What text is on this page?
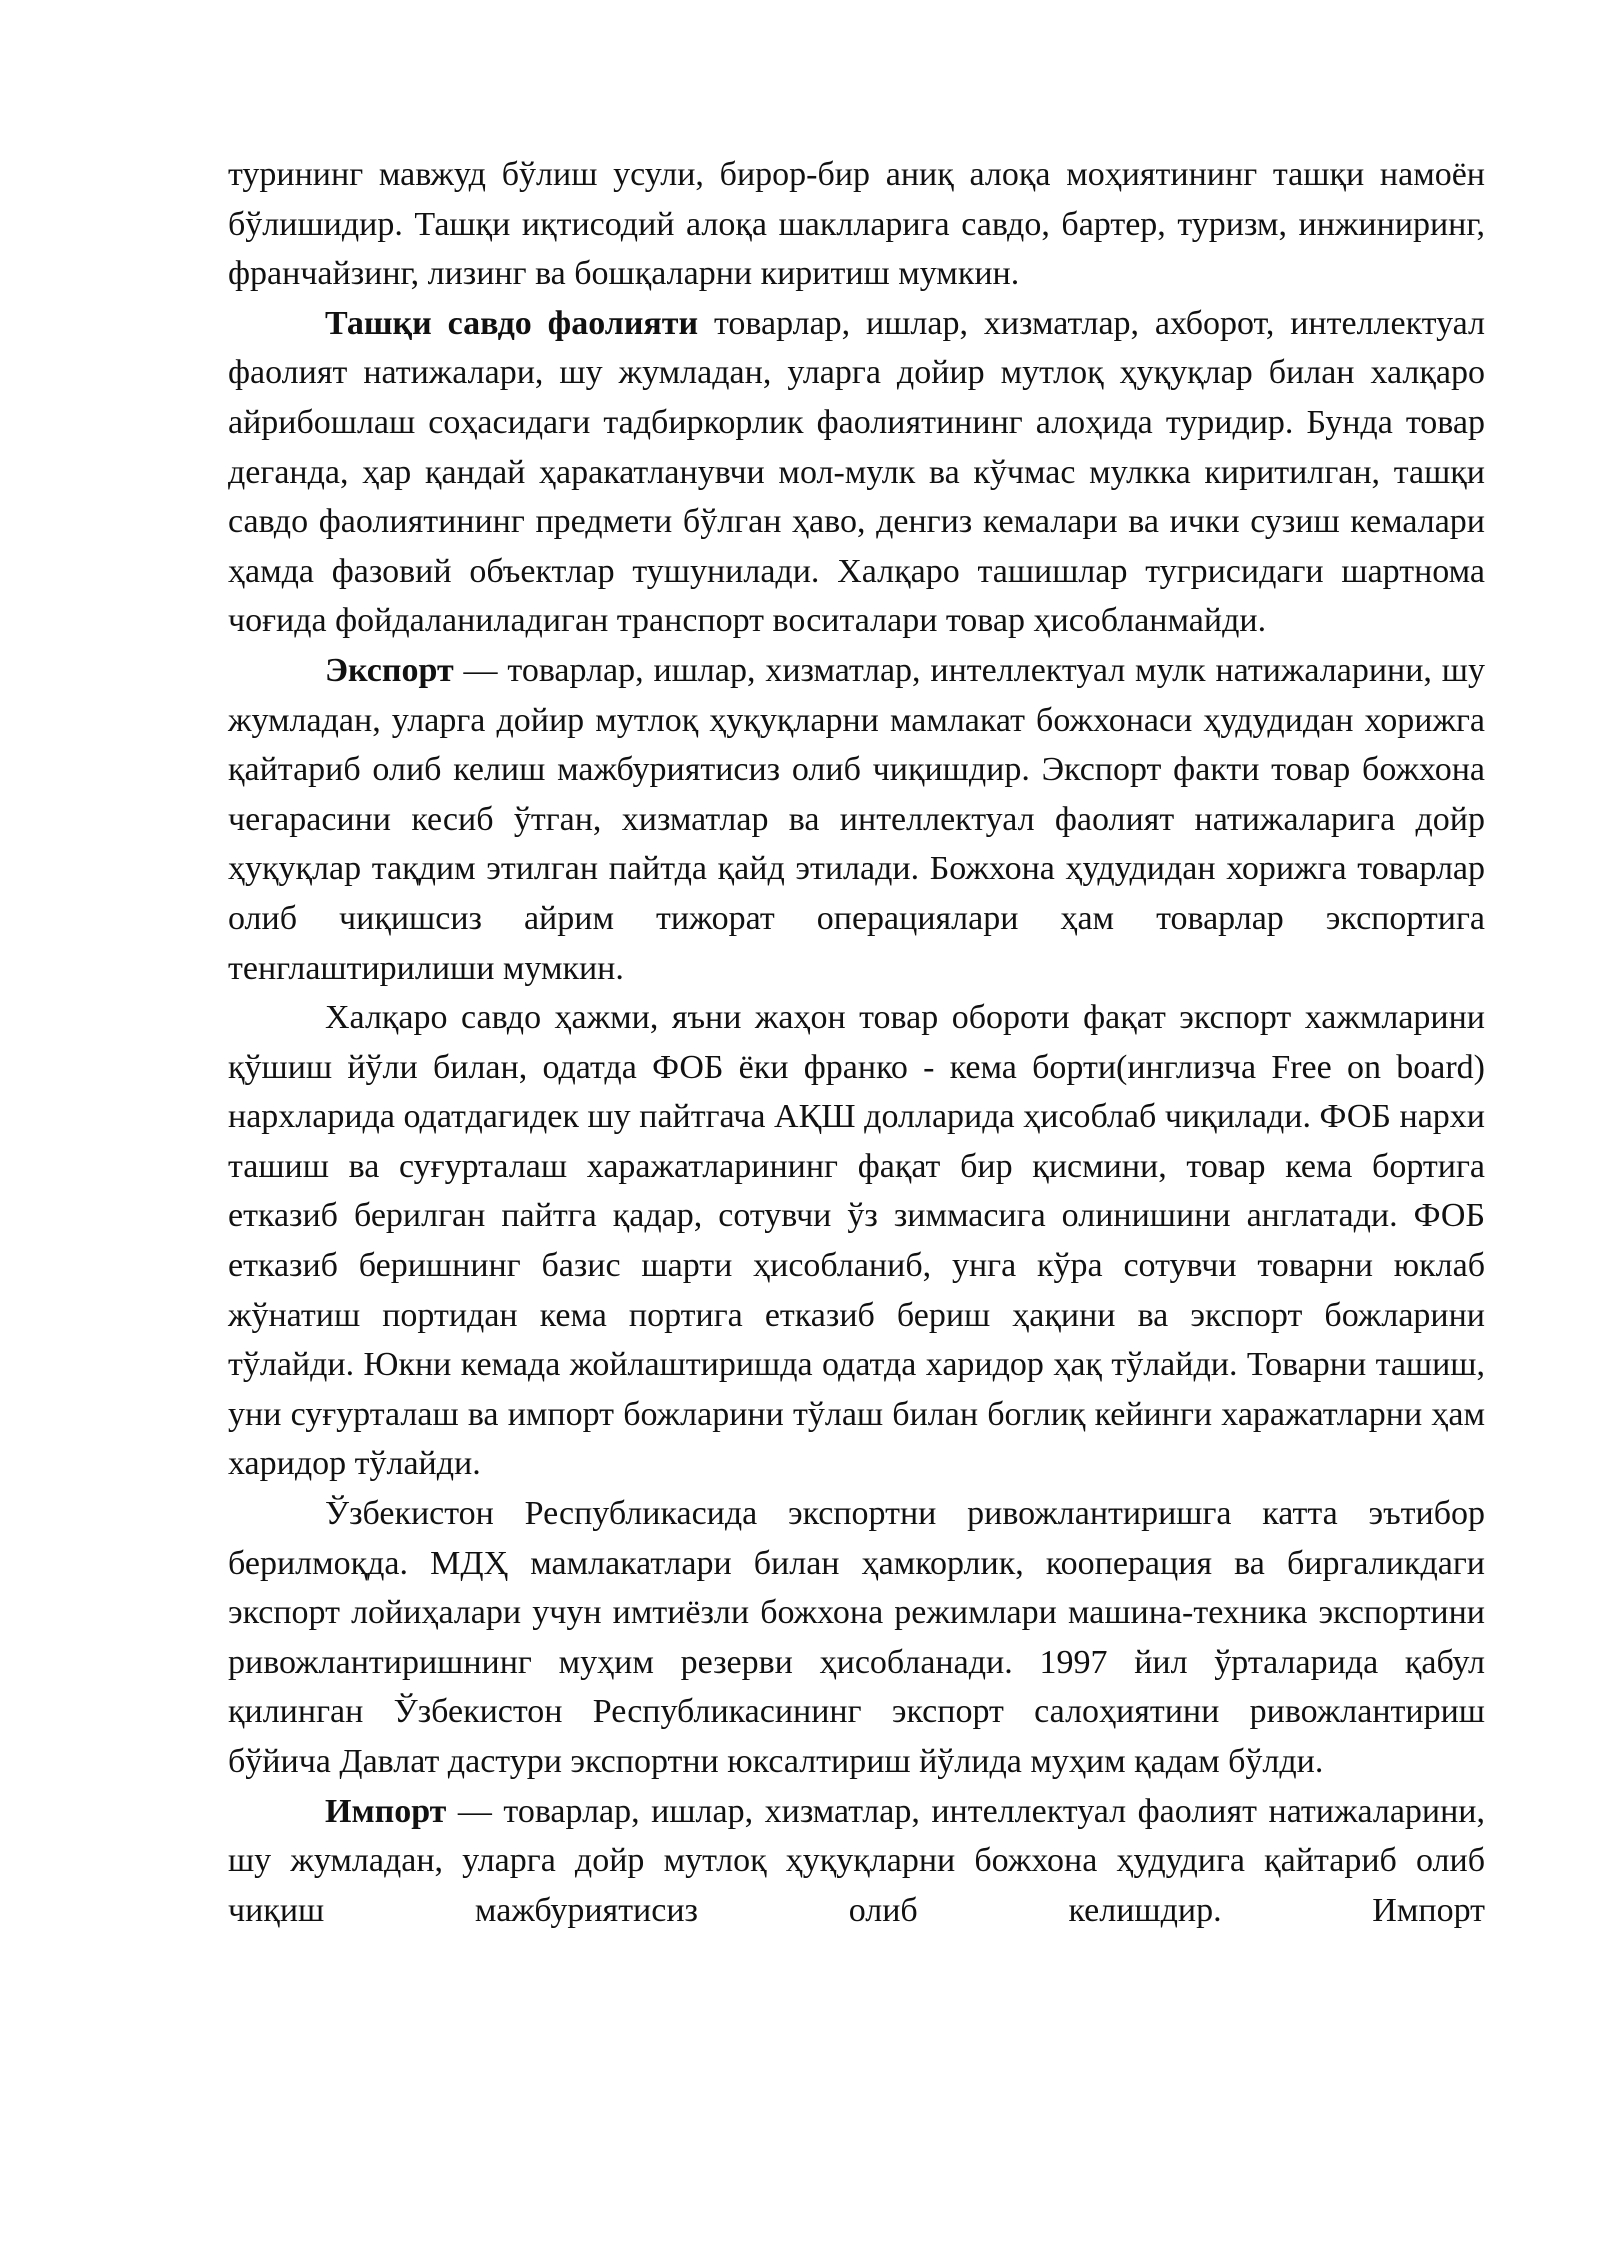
турининг мавжуд бўлиш усули, бирор-бир аниқ алоқа моҳиятининг ташқи намоён бўлишидир. Ташқи иқтисодий алоқа шаклларига савдо, бартер, туризм, инжиниринг, франчайзинг, лизинг ва бошқаларни киритиш мумкин.

Ташқи савдо фаолияти товарлар, ишлар, хизматлар, ахборот, интеллектуал фаолият натижалари, шу жумладан, уларга дойир мутлоқ ҳуқуқлар билан халқаро айрибошлаш соҳасидаги тадбиркорлик фаолиятининг алоҳида туридир. Бунда товар деганда, ҳар қандай ҳаракатланувчи мол-мулк ва кўчмас мулкка киритилган, ташқи савдо фаолиятининг предмети бўлган ҳаво, денгиз кемалари ва ички сузиш кемалари ҳамда фазовий объектлар тушунилади. Халқаро ташишлар тугрисидаги шартнома чоғида фойдаланиладиган транспорт воситалари товар ҳисобланмайди.

Экспорт — товарлар, ишлар, хизматлар, интеллектуал мулк натижаларини, шу жумладан, уларга дойир мутлоқ ҳуқуқларни мамлакат божхонаси ҳудудидан хорижга қайтариб олиб келиш мажбуриятисиз олиб чиқишдир. Экспорт факти товар божхона чегарасини кесиб ўтган, хизматлар ва интеллектуал фаолият натижаларига дойр ҳуқуқлар тақдим этилган пайтда қайд этилади. Божхона ҳудудидан хорижга товарлар олиб чиқишсиз айрим тижорат операциялари ҳам товарлар экспортига тенглаштирилиши мумкин.

Халқаро савдо ҳажми, яъни жаҳон товар обороти фақат экспорт хажмларини қўшиш йўли билан, одатда ФОБ ёки франко - кема борти(инглизча Free on board) нархларида одатдагидек шу пайтгача АҚШ долларида ҳисоблаб чиқилади. ФОБ нархи ташиш ва суғурталаш харажатларининг фақат бир қисмини, товар кема бортига етказиб берилган пайтга қадар, сотувчи ўз зиммасига олинишини англатади. ФОБ етказиб беришнинг базис шарти ҳисобланиб, унга кўра сотувчи товарни юклаб жўнатиш портидан кема портига етказиб бериш ҳақини ва экспорт божларини тўлайди. Юкни кемада жойлаштиришда одатда харидор ҳақ тўлайди. Товарни ташиш, уни суғурталаш ва импорт божларини тўлаш билан боглиқ кейинги харажатларни ҳам харидор тўлайди.

Ўзбекистон Республикасида экспортни ривожлантиришга катта эътибор берилмоқда. МДҲ мамлакатлари билан ҳамкорлик, кооперация ва биргаликдаги экспорт лойиҳалари учун имтиёзли божхона режимлари машина-техника экспортини ривожлантиришнинг муҳим резерви ҳисобланади. 1997 йил ўрталарида қабул қилинган Ўзбекистон Республикасининг экспорт салоҳиятини ривожлантириш бўйича Давлат дастури экспортни юксалтириш йўлида муҳим қадам бўлди.

Импорт — товарлар, ишлар, хизматлар, интеллектуал фаолият натижаларини, шу жумладан, уларга дойр мутлоқ ҳуқуқларни божхона ҳудудига қайтариб олиб чиқиш мажбуриятисиз олиб келишдир. Импорт
